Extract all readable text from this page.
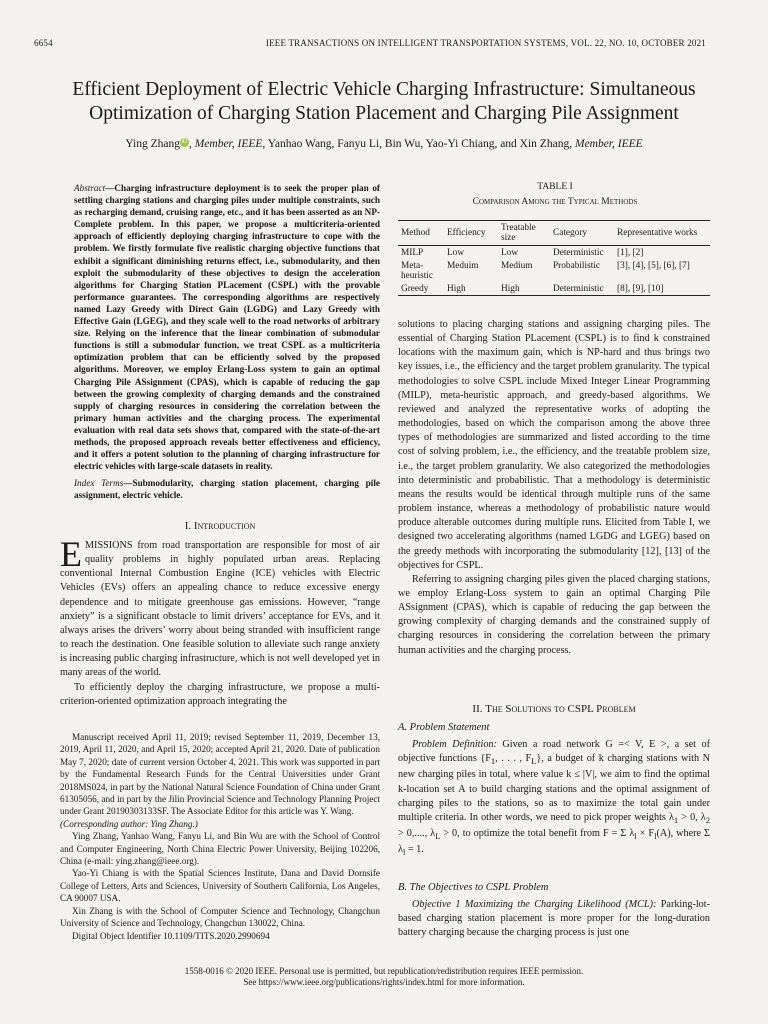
6654	IEEE TRANSACTIONS ON INTELLIGENT TRANSPORTATION SYSTEMS, VOL. 22, NO. 10, OCTOBER 2021
Efficient Deployment of Electric Vehicle Charging Infrastructure: Simultaneous
Optimization of Charging Station Placement and Charging Pile Assignment
Ying Zhang iD , Member, IEEE, Yanhao Wang, Fanyu Li, Bin Wu, Yao-Yi Chiang, and Xin Zhang, Member, IEEE
Abstract—Charging infrastructure deployment is to seek the proper plan of settling charging stations and charging piles under multiple constraints, such as recharging demand, cruising range, etc., and it has been asserted as an NP-Complete problem. In this paper, we propose a multicriteria-oriented approach of efficiently deploying charging infrastructure to cope with the problem. We firstly formulate five realistic charging objective functions that exhibit a significant diminishing returns effect, i.e., submodularity, and then exploit the submodularity of these objectives to design the acceleration algorithms for Charging Station PLacement (CSPL) with the provable performance guarantees. The corresponding algorithms are respectively named Lazy Greedy with Direct Gain (LGDG) and Lazy Greedy with Effective Gain (LGEG), and they scale well to the road networks of arbitrary size. Relying on the inference that the linear combination of submodular functions is still a submodular function, we treat CSPL as a multicriteria optimization problem that can be efficiently solved by the proposed algorithms. Moreover, we employ Erlang-Loss system to gain an optimal Charging Pile ASsignment (CPAS), which is capable of reducing the gap between the growing complexity of charging demands and the constrained supply of charging resources in considering the correlation between the primary human activities and the charging process. The experimental evaluation with real data sets shows that, compared with the state-of-the-art methods, the proposed approach reveals better effectiveness and efficiency, and it offers a potent solution to the planning of charging infrastructure for electric vehicles with large-scale datasets in reality.
Index Terms—Submodularity, charging station placement, charging pile assignment, electric vehicle.
I. Introduction

EMISSIONS from road transportation are responsible for most of air quality problems in highly populated urban areas. Replacing conventional Internal Combustion Engine (ICE) vehicles with Electric Vehicles (EVs) offers an appealing chance to reduce excessive energy dependence and to mitigate greenhouse gas emissions. However, “range anxiety” is a significant obstacle to limit drivers’ acceptance for EVs, and it always arises the drivers’ worry about being stranded with insufficient range to reach the destination. One feasible solution to alleviate such range anxiety is increasing public charging infrastructure, which is not well developed yet in many areas of the world.

To efficiently deploy the charging infrastructure, we propose a multi-criterion-oriented optimization approach integrating the

Manuscript received April 11, 2019; revised September 11, 2019, December 13, 2019, April 11, 2020, and April 15, 2020; accepted April 21, 2020. Date of publication May 7, 2020; date of current version October 4, 2021. This work was supported in part by the Fundamental Research Funds for the Central Universities under Grant 2018MS024, in part by the National Natural Science Foundation of China under Grant 61305056, and in part by the Jilin Provincial Science and Technology Planning Project under Grant 20190303133SF. The Associate Editor for this article was Y. Wang.

(Corresponding author: Ying Zhang.)

Ying Zhang, Yanhao Wang, Fanyu Li, and Bin Wu are with the School of Control and Computer Engineering, North China Electric Power University, Beijing 102206, China (e-mail: ying.zhang@ieee.org).

Yao-Yi Chiang is with the Spatial Sciences Institute, Dana and David Dornsife College of Letters, Arts and Sciences, University of Southern California, Los Angeles, CA 90007 USA.

Xin Zhang is with the School of Computer Science and Technology, Changchun University of Science and Technology, Changchun 130022, China.

Digital Object Identifier 10.1109/TITS.2020.2990694

TABLE I
Comparison Among the Typical Methods
Method	Efficiency	Treatable size	Category	Representative works
MILP	Low	Low	Deterministic	[1], [2]
Meta-heuristic	Meduim	Medium	Probabilistic	[3], [4], [5], [6], [7]
Greedy	High	High	Deterministic	[8], [9], [10]

solutions to placing charging stations and assigning charging piles. The essential of Charging Station PLacement (CSPL) is to find k constrained locations with the maximum gain, which is NP-hard and thus brings two key issues, i.e., the efficiency and the target problem granularity. The typical methodologies to solve CSPL include Mixed Integer Linear Programming (MILP), meta-heuristic approach, and greedy-based algorithms. We reviewed and analyzed the representative works of adopting the methodologies, based on which the comparison among the above three types of methodologies are summarized and listed according to the time cost of solving problem, i.e., the efficiency, and the treatable problem size, i.e., the target problem granularity. We also categorized the methodologies into deterministic and probabilistic. That a methodology is deterministic means the results would be identical through multiple runs of the same problem instance, whereas a methodology of probabilistic nature would produce alterable outcomes during multiple runs. Elicited from Table I, we designed two accelerating algorithms (named LGDG and LGEG) based on the greedy methods with incorporating the submodularity [12], [13] of the objectives for CSPL.

Referring to assigning charging piles given the placed charging stations, we employ Erlang-Loss system to gain an optimal Charging Pile ASsignment (CPAS), which is capable of reducing the gap between the growing complexity of charging demands and the constrained supply of charging resources in considering the correlation between the primary human activities and the charging process.

II. The Solutions to CSPL Problem
A. Problem Statement
Problem Definition: Given a road network G =< V, E >, a set of objective functions {$F_1$, . . . , $F_L$}, a budget of k charging stations with N new charging piles in total, where value k ≤ |V|, we aim to find the optimal k-location set A to build charging stations and the optimal assignment of charging piles to the stations, so as to maximize the total gain under multiple criteria. In other words, we need to pick proper weights $\lambda_1 > 0$, $\lambda_2 > 0$,...., $\lambda_L > 0$, to optimize the total benefit from F = Σ $\lambda_l \times F_l(A)$, where Σ $\lambda_l = 1$.
B. The Objectives to CSPL Problem
Objective 1 Maximizing the Charging Likelihood (MCL): Parking-lot-based charging station placement is more proper for the long-duration battery charging because the charging process is just one
1558-0016 © 2020 IEEE. Personal use is permitted, but republication/redistribution requires IEEE permission.
See https://www.ieee.org/publications/rights/index.html for more information.
